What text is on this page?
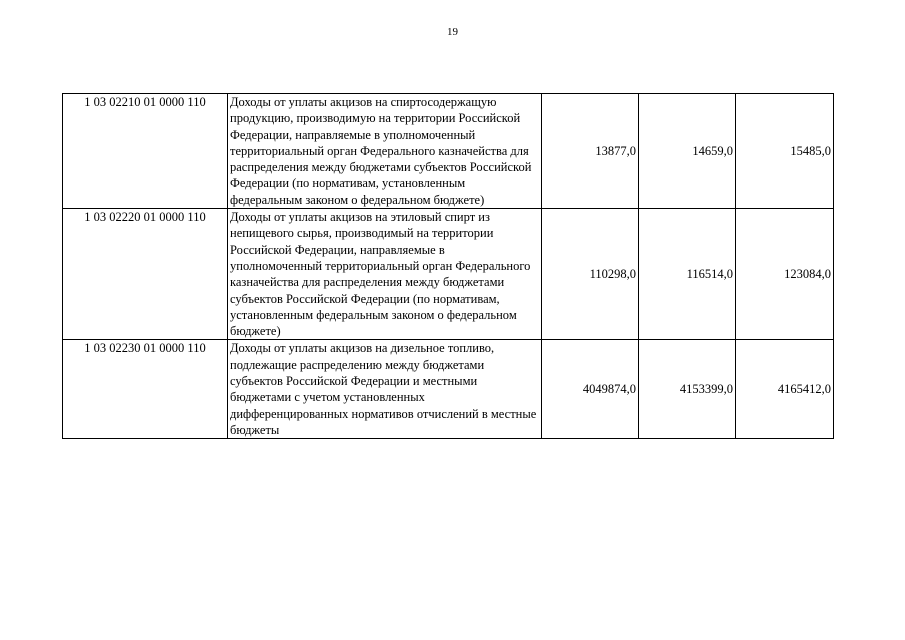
19
1 03 02210 01 0000 110	Доходы от уплаты акцизов на спиртосодержащую продукцию, производимую на территории Российской Федерации, направляемые в уполномоченный территориальный орган Федерального казначейства для распределения между бюджетами субъектов Российской Федерации (по нормативам, установленным федеральным законом о федеральном бюджете)	13877,0	14659,0	15485,0
1 03 02220 01 0000 110	Доходы от уплаты акцизов на этиловый спирт из непищевого сырья, производимый на территории Российской Федерации, направляемые в уполномоченный территориальный орган Федерального казначейства для распределения между бюджетами субъектов Российской Федерации (по нормативам, установленным федеральным законом о федеральном бюджете)	110298,0	116514,0	123084,0
1 03 02230 01 0000 110	Доходы от уплаты акцизов на дизельное топливо, подлежащие распределению между бюджетами субъектов Российской Федерации и местными бюджетами с учетом установленных дифференцированных нормативов отчислений в местные бюджеты	4049874,0	4153399,0	4165412,0
